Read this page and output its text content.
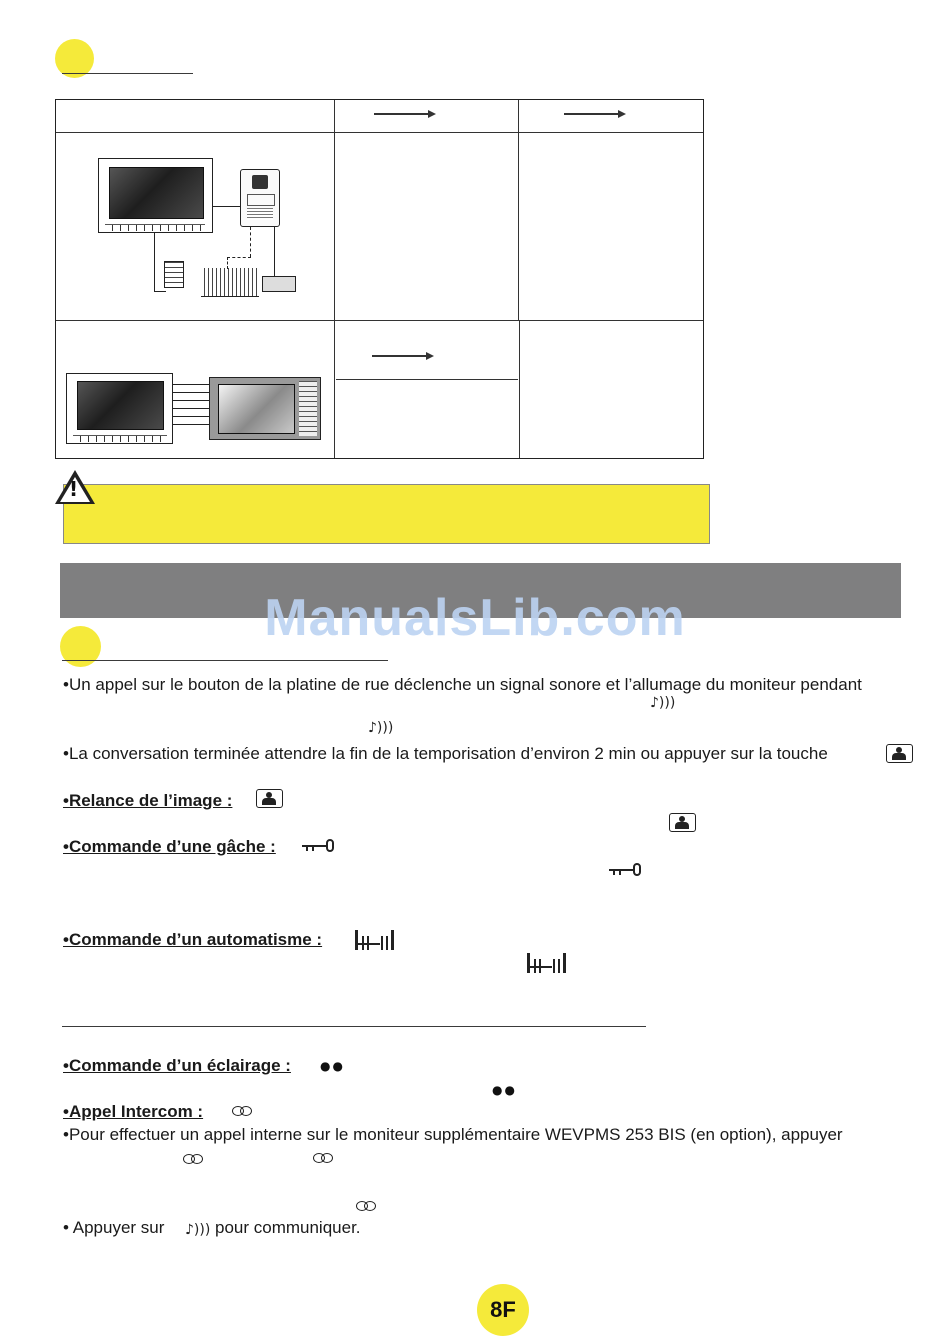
!
ManualsLib.com
•Un appel sur le bouton de la platine de rue déclenche un signal sonore et l’allumage du moniteur pendant
♪)))
♪)))
•La conversation terminée attendre la fin de la temporisation d’environ 2 min ou appuyer sur la touche
•Relance de l’image :
•Commande d’une gâche :
•Commande d’un automatisme :
•Commande d’un éclairage : ●●
●●
•Appel Intercom :
•Pour effectuer un appel interne sur le moniteur supplémentaire WEVPMS 253 BIS (en option), appuyer
• Appuyer sur ♪))) pour communiquer.
8F
